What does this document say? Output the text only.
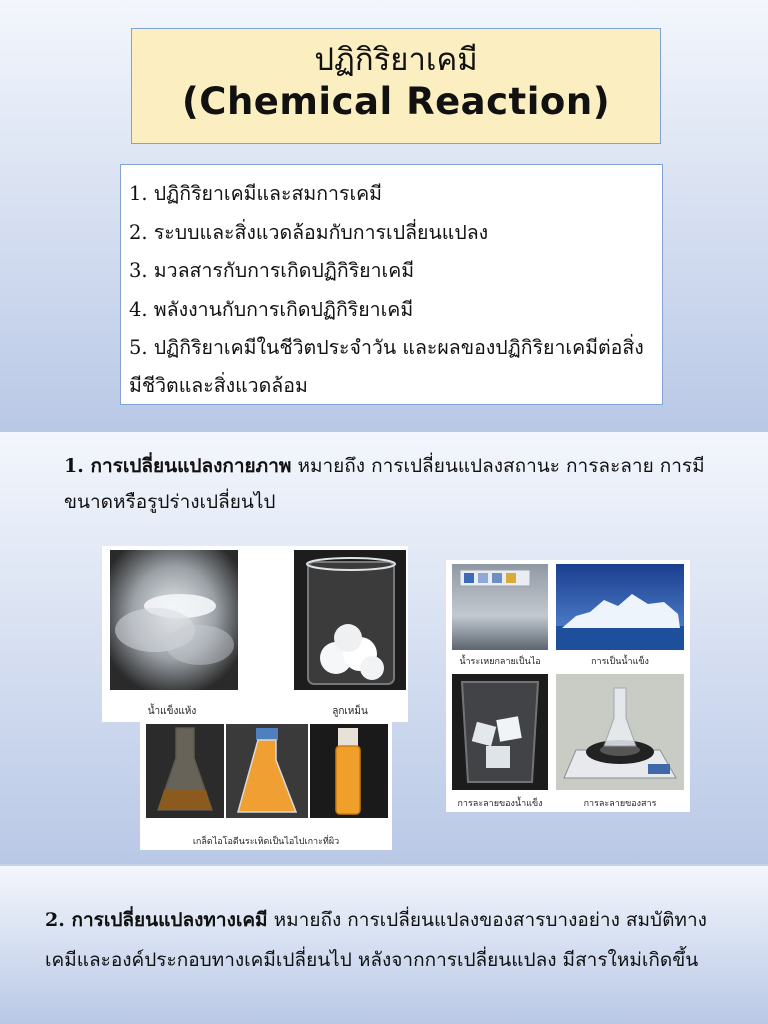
ปฏิกิริยาเคมี
(Chemical Reaction)
1. ปฏิกิริยาเคมีและสมการเคมี
2. ระบบและสิ่งแวดล้อมกับการเปลี่ยนแปลง
3. มวลสารกับการเกิดปฏิกิริยาเคมี
4. พลังงานกับการเกิดปฏิกิริยาเคมี
5. ปฏิกิริยาเคมีในชีวิตประจำวัน และผลของปฏิกิริยาเคมีต่อสิ่งมีชีวิตและสิ่งแวดล้อม
1. การเปลี่ยนแปลงกายภาพ หมายถึง การเปลี่ยนแปลงสถานะ การละลาย การมีขนาดหรือรูปร่างเปลี่ยนไป
น้ำแข็งแห้ง	ลูกเหม็น
เกล็ดไอโอดีนระเหิดเป็นไอไปเกาะที่ผิว
น้ำระเหยกลายเป็นไอ	การเป็นน้ำแข็ง
การละลายของน้ำแข็ง	การละลายของสาร
2. การเปลี่ยนแปลงทางเคมี หมายถึง การเปลี่ยนแปลงของสารบางอย่าง สมบัติทางเคมีและองค์ประกอบทางเคมีเปลี่ยนไป หลังจากการเปลี่ยนแปลง มีสารใหม่เกิดขึ้น
